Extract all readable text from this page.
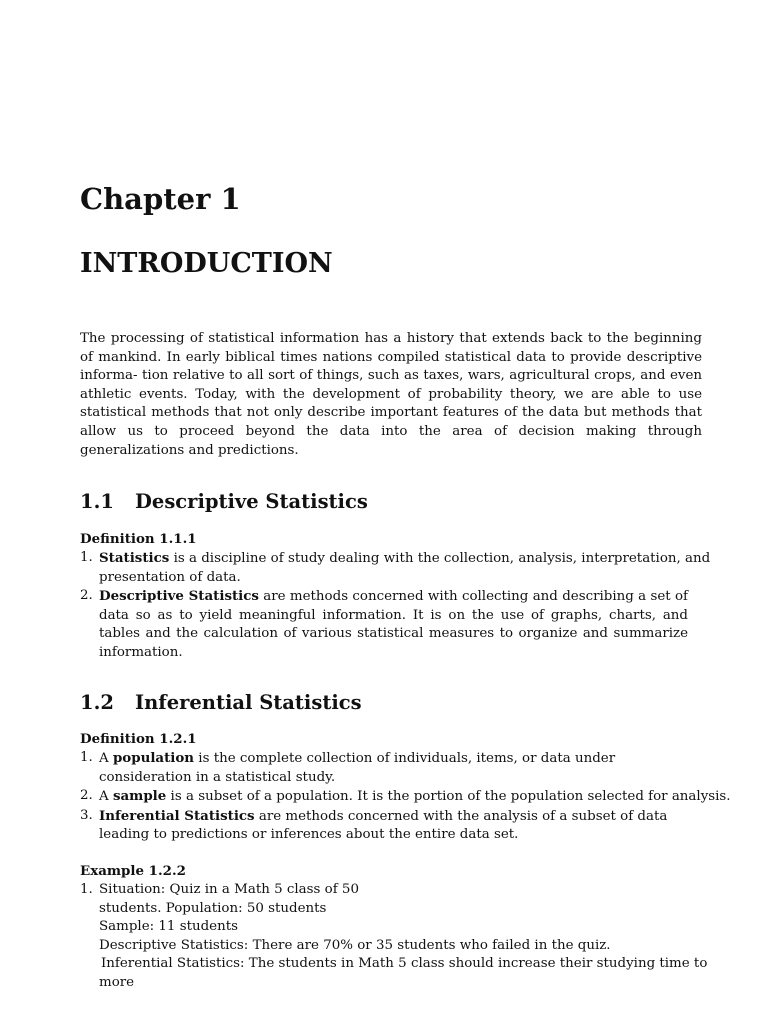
Chapter 1
INTRODUCTION

The processing of statistical information has a history that extends back to the beginning of mankind. In early biblical times nations compiled statistical data to provide descriptive informa- tion relative to all sort of things, such as taxes, wars, agricultural crops, and even athletic events. Today, with the development of probability theory, we are able to use statistical methods that not only describe important features of the data but methods that allow us to proceed beyond the data into the area of decision making through generalizations and predictions.

1.1 Descriptive Statistics
Definition 1.1.1
1. Statistics is a discipline of study dealing with the collection, analysis, interpretation, and presentation of data.
2. Descriptive Statistics are methods concerned with collecting and describing a set of data so as to yield meaningful information. It is on the use of graphs, charts, and tables and the calculation of various statistical measures to organize and summarize information.
1.2 Inferential Statistics
Definition 1.2.1
1. A population is the complete collection of individuals, items, or data under
consideration in a statistical study.
2. A sample is a subset of a population. It is the portion of the population selected for analysis.
3. Inferential Statistics are methods concerned with the analysis of a subset of data
leading to predictions or inferences about the entire data set.
Example 1.2.2
1. Situation: Quiz in a Math 5 class of 50
students. Population: 50 students
Sample: 11 students
Descriptive Statistics: There are 70% or 35 students who failed in the quiz.
Inferential Statistics: The students in Math 5 class should increase their studying time to
more
